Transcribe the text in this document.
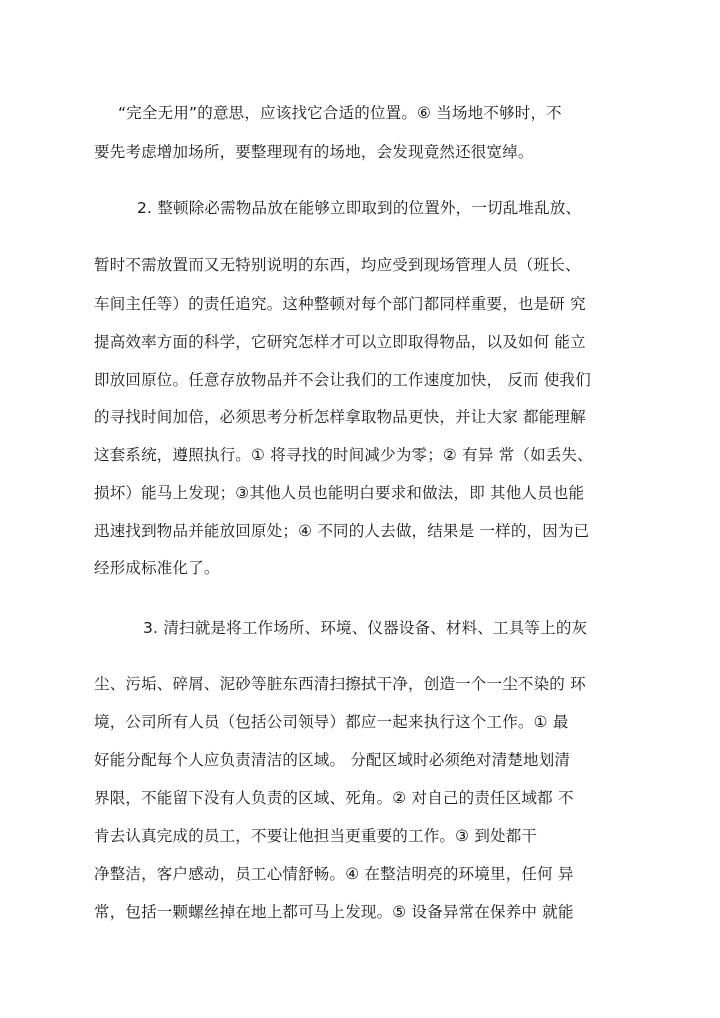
“完全无用”的意思，应该找它合适的位置。⑥ 当场地不够时，不
要先考虑增加场所，要整理现有的场地，会发现竟然还很宽绰。
2. 整顿除必需物品放在能够立即取到的位置外，一切乱堆乱放、
暂时不需放置而又无特别说明的东西，均应受到现场管理人员（班长、
车间主任等）的责任追究。这种整顿对每个部门都同样重要，也是研 究
提高效率方面的科学，它研究怎样才可以立即取得物品，以及如何 能立
即放回原位。任意存放物品并不会让我们的工作速度加快， 反而 使我们
的寻找时间加倍，必须思考分析怎样拿取物品更快，并让大家 都能理解
这套系统，遵照执行。① 将寻找的时间减少为零；② 有异 常（如丢失、
损坏）能马上发现；③其他人员也能明白要求和做法，即 其他人员也能
迅速找到物品并能放回原处；④ 不同的人去做，结果是 一样的，因为已
经形成标准化了。
3. 清扫就是将工作场所、环境、仪器设备、材料、工具等上的灰
尘、污垢、碎屑、泥砂等脏东西清扫擦拭干净，创造一个一尘不染的 环
境，公司所有人员（包括公司领导）都应一起来执行这个工作。① 最
好能分配每个人应负责清洁的区域。 分配区域时必须绝对清楚地划清
界限，不能留下没有人负责的区域、死角。② 对自己的责任区域都 不
肯去认真完成的员工，不要让他担当更重要的工作。③ 到处都干
净整洁，客户感动，员工心情舒畅。④ 在整洁明亮的环境里，任何 异
常，包括一颗螺丝掉在地上都可马上发现。⑤ 设备异常在保养中 就能
